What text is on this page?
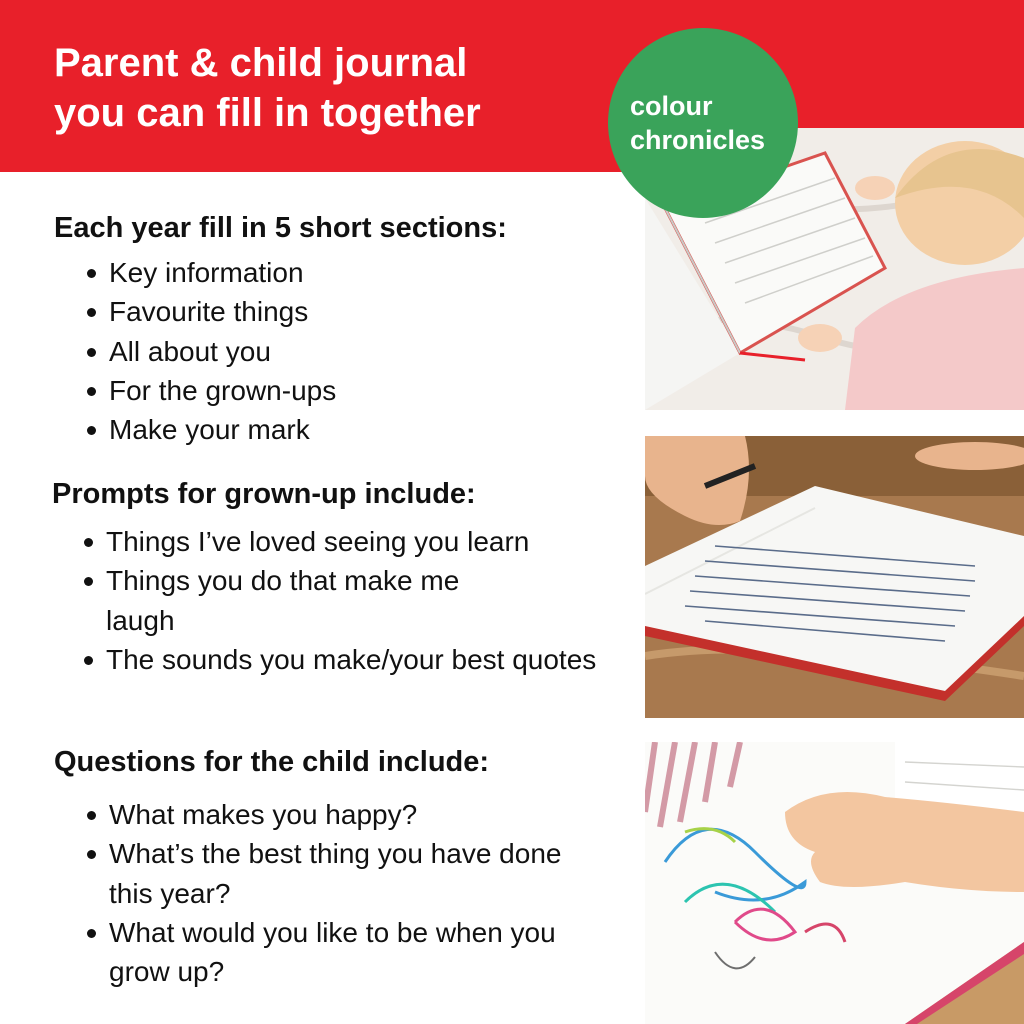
Parent & child journal
you can fill in together	colour
chronicles
Each year fill in 5 short sections:
Key information
Favourite things
All about you
For the grown-ups
Make your mark
Prompts for grown-up include:
Things I’ve loved seeing you learn
Things you do that make me laugh
The sounds you make/your best quotes
Questions for the child include:
What makes you happy?
What’s the best thing you have done this year?
What would you like to be when you grow up?
